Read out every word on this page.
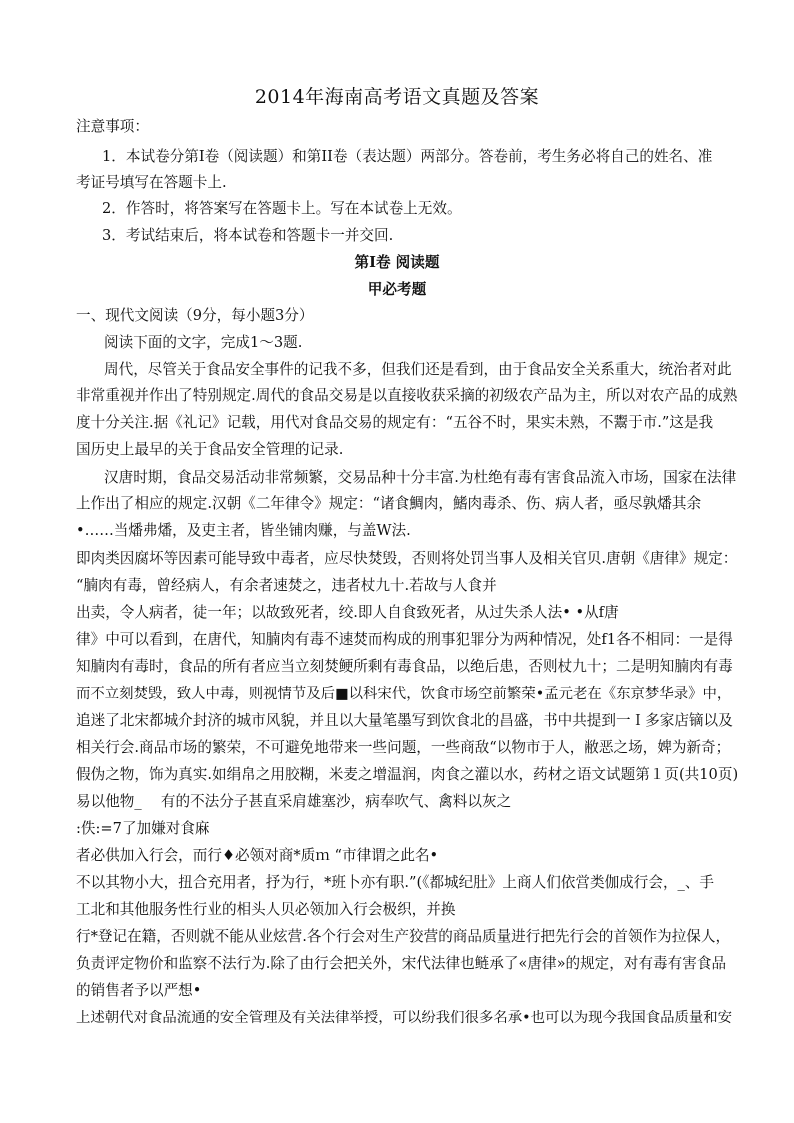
2014年海南高考语文真题及答案
注意事项：
1．本试卷分第Ⅰ卷（阅读题）和第II卷（表达题）两部分。答卷前，考生务必将自己的姓名、准
考证号填写在答题卡上.
2．作答时，将答案写在答题卡上。写在本试卷上无效。
3．考试结束后，将本试卷和答题卡一并交回.
第Ⅰ卷 阅读题
甲必考题
一、现代文阅读（9分，每小题3分）
阅读下面的文字，完成1～3题.
周代，尽管关于食品安全事件的记我不多，但我们还是看到，由于食品安全关系重大，统治者对此
非常重视并作出了特别规定.周代的食品交易是以直接收获采摘的初级农产品为主，所以对农产品的成熟
度十分关注.据《礼记》记载，用代对食品交易的规定有：“五谷不时，果实未熟，不鬻于市.”这是我
国历史上最早的关于食品安全管理的记录.
汉唐时期，食品交易活动非常频繁，交易品种十分丰富.为杜绝有毒有害食品流入市场，国家在法律
上作出了相应的规定.汉朝《二年律令》规定：“诸食鯛肉，鰭肉毒杀、伤、病人者，亟尽孰燔其余
•……当燔弗燔，及吏主者，皆坐铺肉赚，与盖W法.
即肉类因腐坏等因素可能导致中毒者，应尽快焚毁，否则将处罚当事人及相关官贝.唐朝《唐律》规定：
“腩肉有毒，曾经病人，有余者速焚之，违者杖九十.若故与人食并
出卖，令人病者，徒一年；以故致死者，绞.即人自食致死者，从过失杀人法• •从f唐
律》中可以看到，在唐代，知腩肉有毒不速焚而构成的刑事犯罪分为两种情况，处f1各不相同：一是得
知腩肉有毒时，食品的所有者应当立刻焚鲠所剩有毒食品，以绝后患，否则杖九十；二是明知腩肉有毒
而不立刻焚毁，致人中毒，则视情节及后■以科宋代，饮食市场空前繁荣•孟元老在《东京梦华录》中，
追迷了北宋都城介封济的城市风貌，并且以大量笔墨写到饮食北的昌盛，书中共提到一Ｉ多家店镝以及
相关行会.商品市场的繁荣，不可避免地带来一些问题，一些商敌“以物市于人，敝恶之场，婢为新奇；
假伪之物，饰为真实.如绢帛之用胶糊，米麦之增温润，肉食之灌以水，药材之语文试题第１页(共10页)
易以他物_　 有的不法分子甚直采肩雄塞沙，病奉吹气、禽料以灰之
:佚:=7了加嫌对食麻
者必供加入行会，而行♦必领对商*质ｍ “市律谓之此名•
不以其物小大，扭合充用者，抒为行，*班卜亦有职.”(《都城纪肚》上商人们依営类伽成行会，_、手
工北和其他服务性行业的相头人贝必领加入行会极织，并换
行*登记在籍，否则就不能从业炫营.各个行会对生产狡营的商品质量进行把先行会的首领作为拉保人，
负责评定物价和监察不法行为.除了由行会把关外，宋代法律也鲢承了«唐律»的规定，对有毒有害食品
的销售者予以严想•
上述朝代对食品流通的安全管理及有关法律举授，可以纷我们很多名承•也可以为现今我国食品质量和安
